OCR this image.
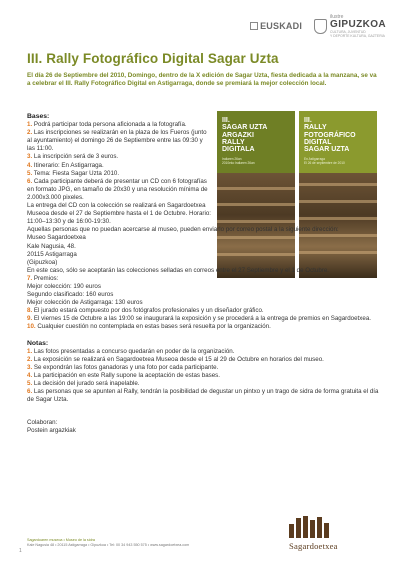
EUSKADI
ilustre
GIPUZKOA
CULTURA, JUVENTUD
Y DEPORTE KULTURA, GAZTERIA
III. Rally Fotográfico Digital Sagar Uzta
El día 26 de Septiembre del 2010, Domingo, dentro de la X edición de Sagar Uzta, fiesta dedicada a la manzana, se va a celebrar el III. Rally Fotográfico Digital en Astigarraga, donde se premiará la mejor colección local.
III.
SAGAR UZTA
ARGAZKI
RALLY
DIGITALA
Irailaren 26an
2010eko Irailaren 26an
III.
RALLY
FOTOGRÁFICO
DIGITAL
SAGAR UZTA
En Astigarraga
El 26 de septiembre de 2010
Bases:

1. Podrá participar toda persona aficionada a la fotografía.

2. Las inscripciones se realizarán en la plaza de los Fueros (junto al ayuntamiento) el domingo 26 de Septiembre entre las 09:30 y las 11:00.

3. La inscripción será de 3 euros.

4. Itinerario: En Astigarraga.

5. Tema: Fiesta Sagar Uzta 2010.

6. Cada participante deberá de presentar un CD con 6 fotografías en formato JPG, en tamaño de 20x30 y una resolución mínima de 2.000x3.000 pixeles.

La entrega del CD con la colección se realizará en Sagardoetxea Museoa desde el 27 de Septiembre hasta el 1 de Octubre. Horario: 11:00–13:30 y de 16:00-19:30.

Aquellas personas que no puedan acercarse al museo, pueden enviarlo por correo postal a la siguiente dirección:

Museo Sagardoetxea

Kale Nagusia, 48.

20115 Astigarraga

(Gipuzkoa)

En este caso, sólo se aceptarán las colecciones selladas en correos entre el 27 Septiembre y el 1 de Octubre.

7. Premios:

Mejor colección: 190 euros

Segundo clasificado: 160 euros

Mejor colección de Astigarraga: 130 euros

8. El jurado estará compuesto por dos fotógrafos profesionales y un diseñador gráfico.

9. El viernes 15 de Octubre a las 19:00 se inaugurará la exposición y se procederá a la entrega de premios en Sagardoetxea.

10. Cualquier cuestión no contemplada en estas bases será resuelta por la organización.

Notas:

1. Las fotos presentadas a concurso quedarán en poder de la organización.

2. La exposición se realizará en Sagardoetxea Museoa desde el 15 al 29 de Octubre en horarios del museo.

3. Se expondrán las fotos ganadoras y una foto por cada participante.

4. La participación en este Rally supone la aceptación de estas bases.

5. La decisión del jurado será inapelable.

6. Las personas que se apunten al Rally, tendrán la posibilidad de degustar un pintxo y un trago de sidra de forma gratuita el día de Sagar Uzta.

Colaboran:

Postein argazkiak

Sagardoetxea
1
Sagardoaren museoa • Museo de la sidra
Kale Nagusia 48 • 20115 Astigarraga • Gipuzkoa • Tel: 00 34 943 550 575 • www.sagardoetxea.com
